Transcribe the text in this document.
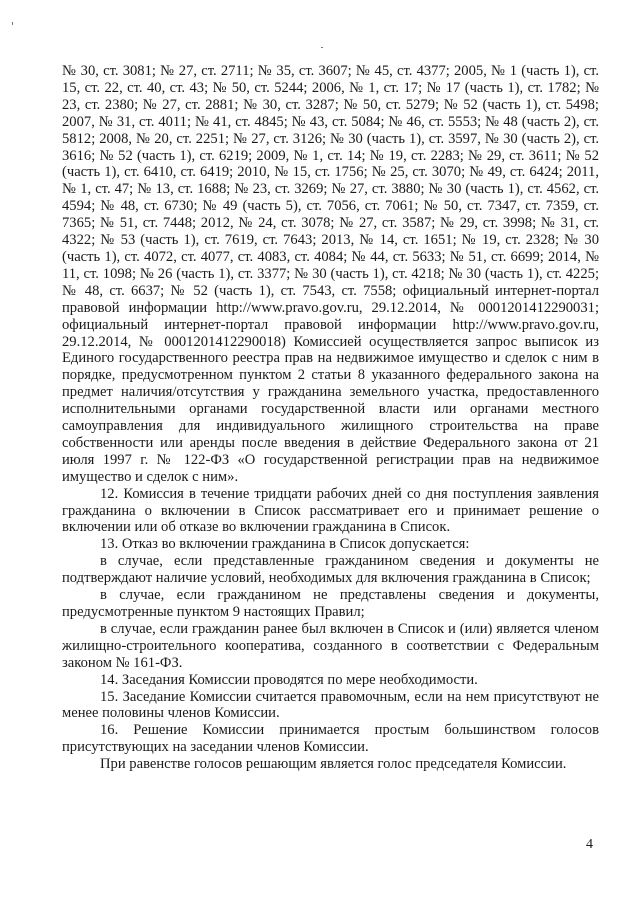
№ 30, ст. 3081; № 27, ст. 2711; № 35, ст. 3607; № 45, ст. 4377; 2005, № 1 (часть 1), ст. 15, ст. 22, ст. 40, ст. 43; № 50, ст. 5244; 2006, № 1, ст. 17; № 17 (часть 1), ст. 1782; № 23, ст. 2380; № 27, ст. 2881; № 30, ст. 3287; № 50, ст. 5279; № 52 (часть 1), ст. 5498; 2007, № 31, ст. 4011; № 41, ст. 4845; № 43, ст. 5084; № 46, ст. 5553; № 48 (часть 2), ст. 5812; 2008, № 20, ст. 2251; № 27, ст. 3126; № 30 (часть 1), ст. 3597, № 30 (часть 2), ст. 3616; № 52 (часть 1), ст. 6219; 2009, № 1, ст. 14; № 19, ст. 2283; № 29, ст. 3611; № 52 (часть 1), ст. 6410, ст. 6419; 2010, № 15, ст. 1756; № 25, ст. 3070; № 49, ст. 6424; 2011, № 1, ст. 47; № 13, ст. 1688; № 23, ст. 3269; № 27, ст. 3880; № 30 (часть 1), ст. 4562, ст. 4594; № 48, ст. 6730; № 49 (часть 5), ст. 7056, ст. 7061; № 50, ст. 7347, ст. 7359, ст. 7365; № 51, ст. 7448; 2012, № 24, ст. 3078; № 27, ст. 3587; № 29, ст. 3998; № 31, ст. 4322; № 53 (часть 1), ст. 7619, ст. 7643; 2013, № 14, ст. 1651; № 19, ст. 2328; № 30 (часть 1), ст. 4072, ст. 4077, ст. 4083, ст. 4084; № 44, ст. 5633; № 51, ст. 6699; 2014, № 11, ст. 1098; № 26 (часть 1), ст. 3377; № 30 (часть 1), ст. 4218; № 30 (часть 1), ст. 4225; № 48, ст. 6637; № 52 (часть 1), ст. 7543, ст. 7558; официальный интернет-портал правовой информации http://www.pravo.gov.ru, 29.12.2014, № 0001201412290031; официальный интернет-портал правовой информации http://www.pravo.gov.ru, 29.12.2014, № 0001201412290018) Комиссией осуществляется запрос выписок из Единого государственного реестра прав на недвижимое имущество и сделок с ним в порядке, предусмотренном пунктом 2 статьи 8 указанного федерального закона на предмет наличия/отсутствия у гражданина земельного участка, предоставленного исполнительными органами государственной власти или органами местного самоуправления для индивидуального жилищного строительства на праве собственности или аренды после введения в действие Федерального закона от 21 июля 1997 г. № 122-ФЗ «О государственной регистрации прав на недвижимое имущество и сделок с ним».

12. Комиссия в течение тридцати рабочих дней со дня поступления заявления гражданина о включении в Список рассматривает его и принимает решение о включении или об отказе во включении гражданина в Список.

13. Отказ во включении гражданина в Список допускается:

в случае, если представленные гражданином сведения и документы не подтверждают наличие условий, необходимых для включения гражданина в Список;

в случае, если гражданином не представлены сведения и документы, предусмотренные пунктом 9 настоящих Правил;

в случае, если гражданин ранее был включен в Список и (или) является членом жилищно-строительного кооператива, созданного в соответствии с Федеральным законом № 161-ФЗ.

14. Заседания Комиссии проводятся по мере необходимости.

15. Заседание Комиссии считается правомочным, если на нем присутствуют не менее половины членов Комиссии.

16. Решение Комиссии принимается простым большинством голосов присутствующих на заседании членов Комиссии.

При равенстве голосов решающим является голос председателя Комиссии.

4
